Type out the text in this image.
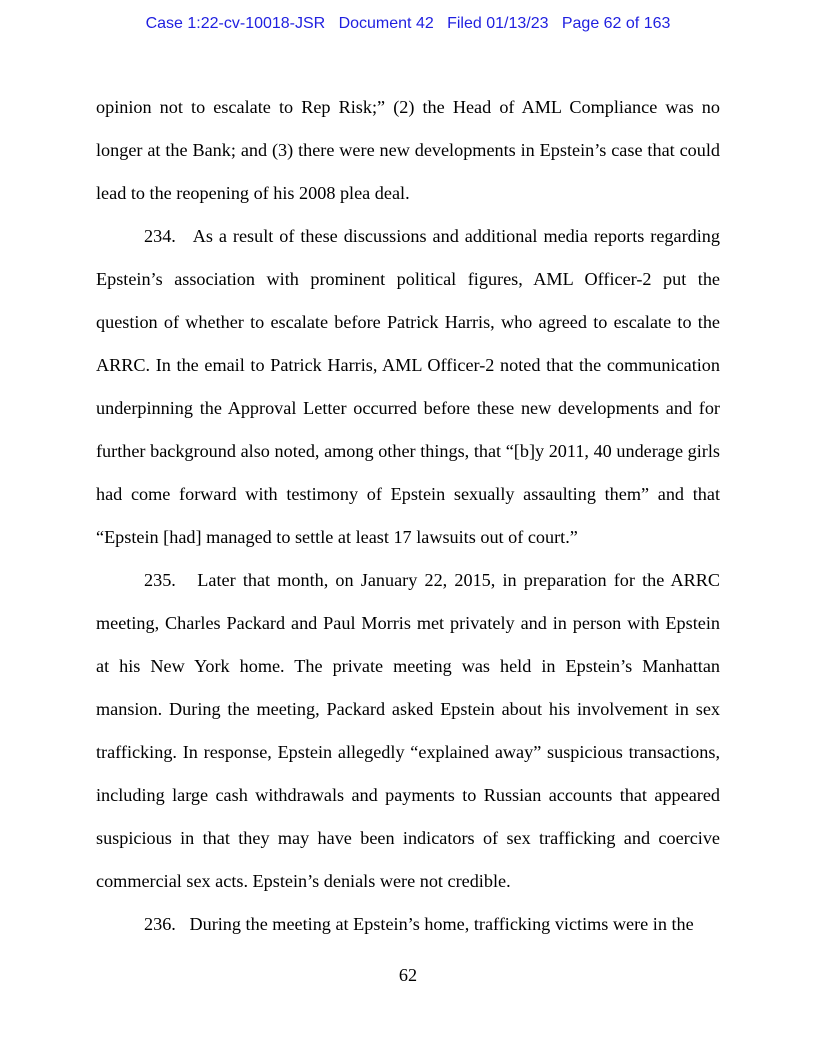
Case 1:22-cv-10018-JSR Document 42 Filed 01/13/23 Page 62 of 163

opinion not to escalate to Rep Risk;” (2) the Head of AML Compliance was no longer at the Bank; and (3) there were new developments in Epstein’s case that could lead to the reopening of his 2008 plea deal.

234. As a result of these discussions and additional media reports regarding Epstein’s association with prominent political figures, AML Officer-2 put the question of whether to escalate before Patrick Harris, who agreed to escalate to the ARRC. In the email to Patrick Harris, AML Officer-2 noted that the communication underpinning the Approval Letter occurred before these new developments and for further background also noted, among other things, that “[b]y 2011, 40 underage girls had come forward with testimony of Epstein sexually assaulting them” and that “Epstein [had] managed to settle at least 17 lawsuits out of court.”

235. Later that month, on January 22, 2015, in preparation for the ARRC meeting, Charles Packard and Paul Morris met privately and in person with Epstein at his New York home. The private meeting was held in Epstein’s Manhattan mansion. During the meeting, Packard asked Epstein about his involvement in sex trafficking. In response, Epstein allegedly “explained away” suspicious transactions, including large cash withdrawals and payments to Russian accounts that appeared suspicious in that they may have been indicators of sex trafficking and coercive commercial sex acts. Epstein’s denials were not credible.

236. During the meeting at Epstein’s home, trafficking victims were in the

62
